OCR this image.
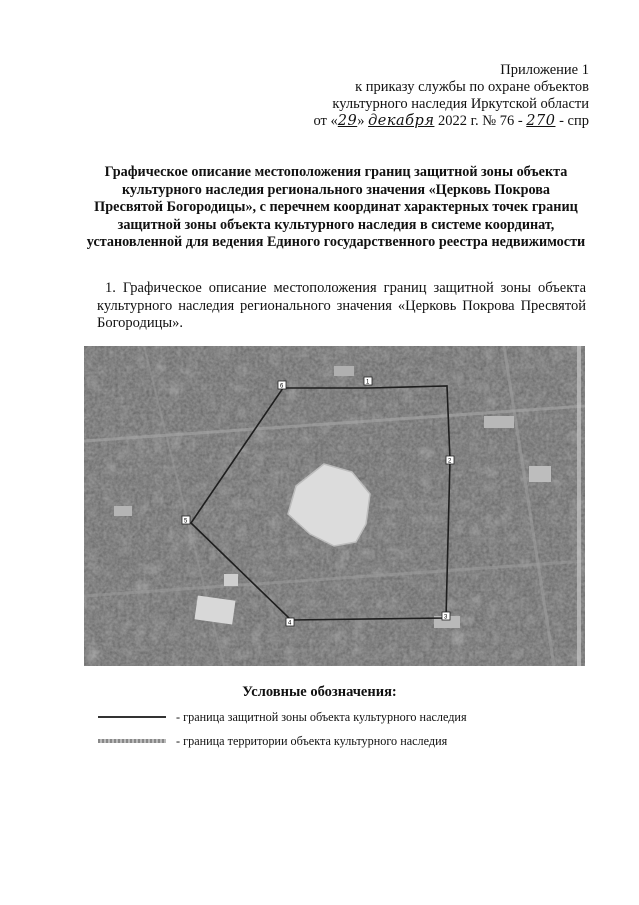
Приложение 1
к приказу службы по охране объектов
культурного наследия Иркутской области
от «29» декабря 2022 г. № 76 - 270 - спр
Графическое описание местоположения границ защитной зоны объекта культурного наследия регионального значения «Церковь Покрова Пресвятой Богородицы», с перечнем координат характерных точек границ защитной зоны объекта культурного наследия в системе координат, установленной для ведения Единого государственного реестра недвижимости
1. Графическое описание местоположения границ защитной зоны объекта культурного наследия регионального значения «Церковь Покрова Пресвятой Богородицы».
1
2
3
4
5
6
Условные обозначения:
- граница защитной зоны объекта культурного наследия
- граница территории объекта культурного наследия
